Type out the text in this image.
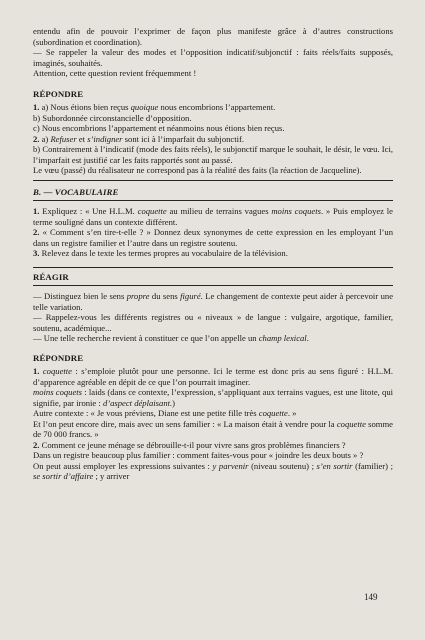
entendu afin de pouvoir l’exprimer de façon plus manifeste grâce à d’autres constructions (subordination et coordination).

— Se rappeler la valeur des modes et l’opposition indicatif/subjonctif : faits réels/faits supposés, imaginés, souhaités.

Attention, cette question revient fréquemment !

RÉPONDRE

1. a) Nous étions bien reçus quoique nous encombrions l’appartement.

b) Subordonnée circonstancielle d’opposition.

c) Nous encombrions l’appartement et néanmoins nous étions bien reçus.

2. a) Refuser et s’indigner sont ici à l’imparfait du subjonctif.

b) Contrairement à l’indicatif (mode des faits réels), le subjonctif marque le souhait, le désir, le vœu. Ici, l’imparfait est justifié car les faits rapportés sont au passé.

Le vœu (passé) du réalisateur ne correspond pas à la réalité des faits (la réaction de Jacqueline).

B. — VOCABULAIRE

1. Expliquez : « Une H.L.M. coquette au milieu de terrains vagues moins coquets. » Puis employez le terme souligné dans un contexte différent.

2. « Comment s’en tire-t-elle ? » Donnez deux synonymes de cette expression en les employant l’un dans un registre familier et l’autre dans un registre soutenu.

3. Relevez dans le texte les termes propres au vocabulaire de la télévision.

RÉAGIR

— Distinguez bien le sens propre du sens figuré. Le changement de contexte peut aider à percevoir une telle variation.

— Rappelez-vous les différents registres ou « niveaux » de langue : vulgaire, argotique, familier, soutenu, académique...

— Une telle recherche revient à constituer ce que l’on appelle un champ lexical.

RÉPONDRE

1. coquette : s’emploie plutôt pour une personne. Ici le terme est donc pris au sens figuré : H.L.M. d’apparence agréable en dépit de ce que l’on pourrait imaginer.

moins coquets : laids (dans ce contexte, l’expression, s’appliquant aux terrains vagues, est une litote, qui signifie, par ironie : d’aspect déplaisant.)

Autre contexte : « Je vous préviens, Diane est une petite fille très coquette. »

Et l’on peut encore dire, mais avec un sens familier : « La maison était à vendre pour la coquette somme de 70 000 francs. »

2. Comment ce jeune ménage se débrouille-t-il pour vivre sans gros problèmes financiers ?

Dans un registre beaucoup plus familier : comment faites-vous pour « joindre les deux bouts » ?

On peut aussi employer les expressions suivantes : y parvenir (niveau soutenu) ; s’en sortir (familier) ; se sortir d’affaire ; y arriver

149
